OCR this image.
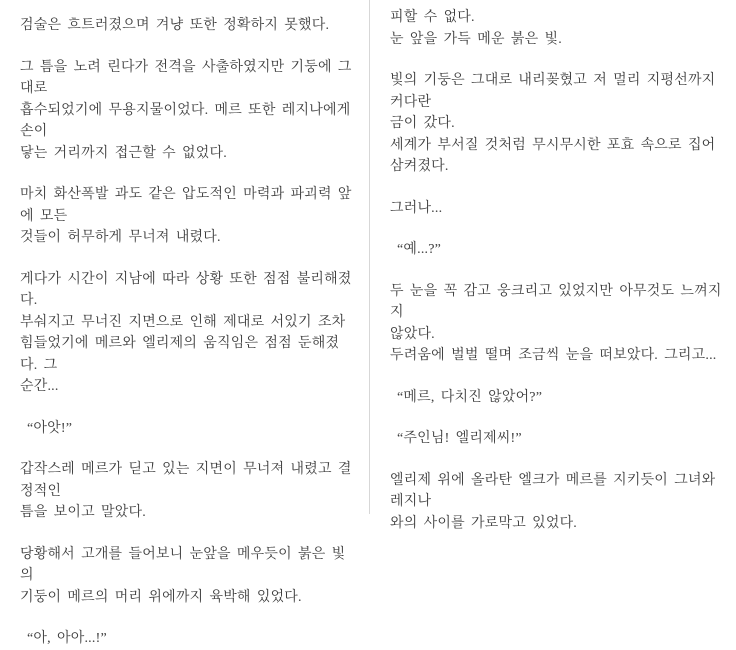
검술은 흐트러졌으며 겨냥 또한 정확하지 못했다.
그 틈을 노려 린다가 전격을 사출하였지만 기둥에 그대로
흡수되었기에 무용지물이었다. 메르 또한 레지나에게 손이
닿는 거리까지 접근할 수 없었다.
마치 화산폭발 과도 같은 압도적인 마력과 파괴력 앞에 모든
것들이 허무하게 무너져 내렸다.
게다가 시간이 지남에 따라 상황 또한 점점 불리해졌다.
부숴지고 무너진 지면으로 인해 제대로 서있기 조차
힘들었기에 메르와 엘리제의 움직임은 점점 둔해졌다. 그
순간...
“아앗!”
갑작스레 메르가 딛고 있는 지면이 무너져 내렸고 결정적인
틈을 보이고 말았다.
당황해서 고개를 들어보니 눈앞을 메우듯이 붉은 빛의
기둥이 메르의 머리 위에까지 육박해 있었다.
“아, 아아...!”
피할 수 없다.
눈 앞을 가득 메운 붉은 빛.
빛의 기둥은 그대로 내리꽂혔고 저 멀리 지평선까지 커다란
금이 갔다.
세계가 부서질 것처럼 무시무시한 포효 속으로 집어삼켜졌다.
그러나...
“예...?”
두 눈을 꼭 감고 웅크리고 있었지만 아무것도 느껴지지
않았다.
두려움에 벌벌 떨며 조금씩 눈을 떠보았다. 그리고...
“메르, 다치진 않았어?”
“주인님! 엘리제씨!”
엘리제 위에 올라탄 엘크가 메르를 지키듯이 그녀와 레지나
와의 사이를 가로막고 있었다.
